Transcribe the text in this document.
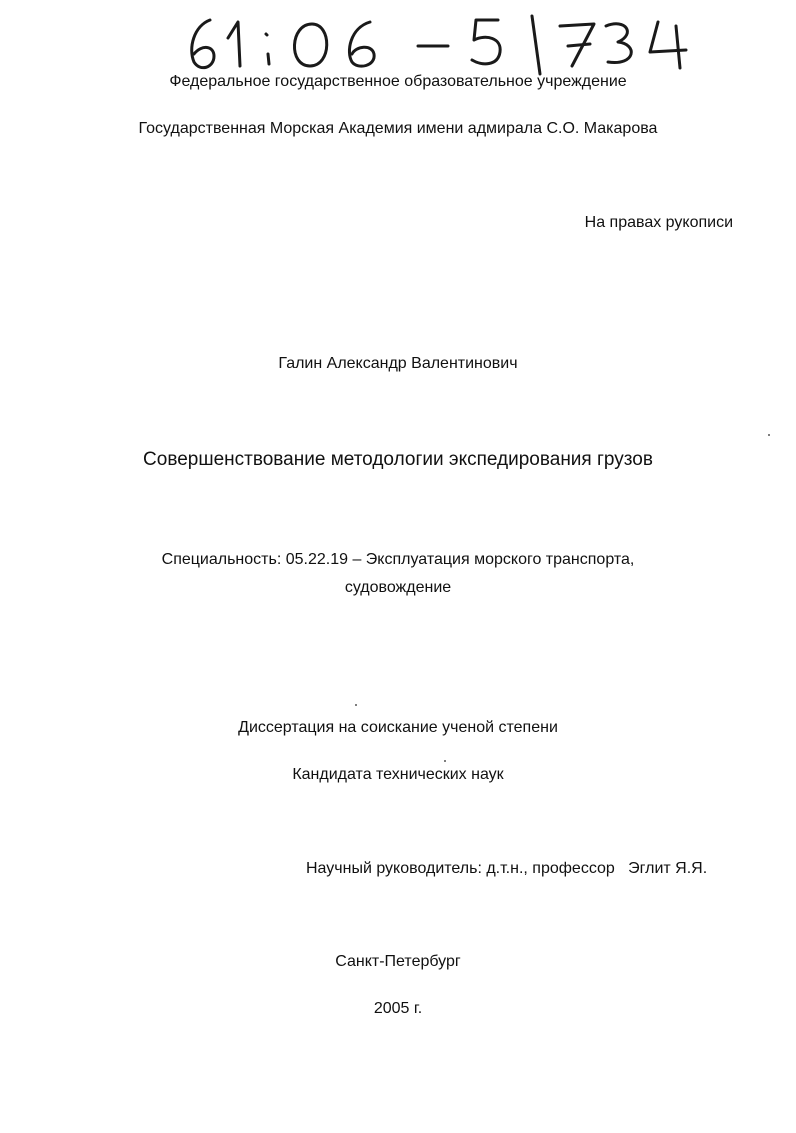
Федеральное государственное образовательное учреждение
Государственная Морская Академия имени адмирала С.О. Макарова
На правах рукописи
Галин Александр Валентинович
Совершенствование методологии экспедирования грузов
Специальность: 05.22.19 – Эксплуатация морского транспорта,
судовождение
Диссертация на соискание ученой степени
Кандидата технических наук
Научный руководитель: д.т.н., профессор   Эглит Я.Я.
Санкт-Петербург
2005 г.
